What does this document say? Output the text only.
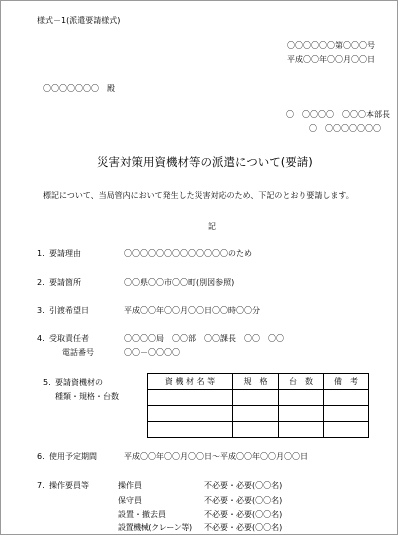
様式－1(派遣要請様式)
〇〇〇〇〇〇第〇〇〇号
平成〇〇年〇〇月〇〇日
〇〇〇〇〇〇〇　殿
〇　〇〇〇〇　〇〇〇本部長
〇　〇〇〇〇〇〇〇
災害対策用資機材等の派遣について(要請)
標記について、当局管内において発生した災害対応のため、下記のとおり要請します。
記
1. 要請理由	〇〇〇〇〇〇〇〇〇〇〇〇〇のため
2. 要請箇所	〇〇県〇〇市〇〇町(別図参照)
3. 引渡希望日	平成〇〇年〇〇月〇〇日〇〇時〇〇分
4. 受取責任者	〇〇〇〇局　〇〇部　〇〇課長　〇〇　〇〇
電話番号	〇〇－〇〇〇〇
5. 要請資機材の
種類・規格・台数
資 機 材 名 等	規　格	台　数	備　考

6. 使用予定期間	平成〇〇年〇〇月〇〇日～平成〇〇年〇〇月〇〇日
7. 操作要員等	操作員	不必要・必要(〇〇名)
保守員	不必要・必要(〇〇名)
設置・撤去員	不必要・必要(〇〇名)
設置機械(クレーン等) 不必要・必要(〇〇名)
